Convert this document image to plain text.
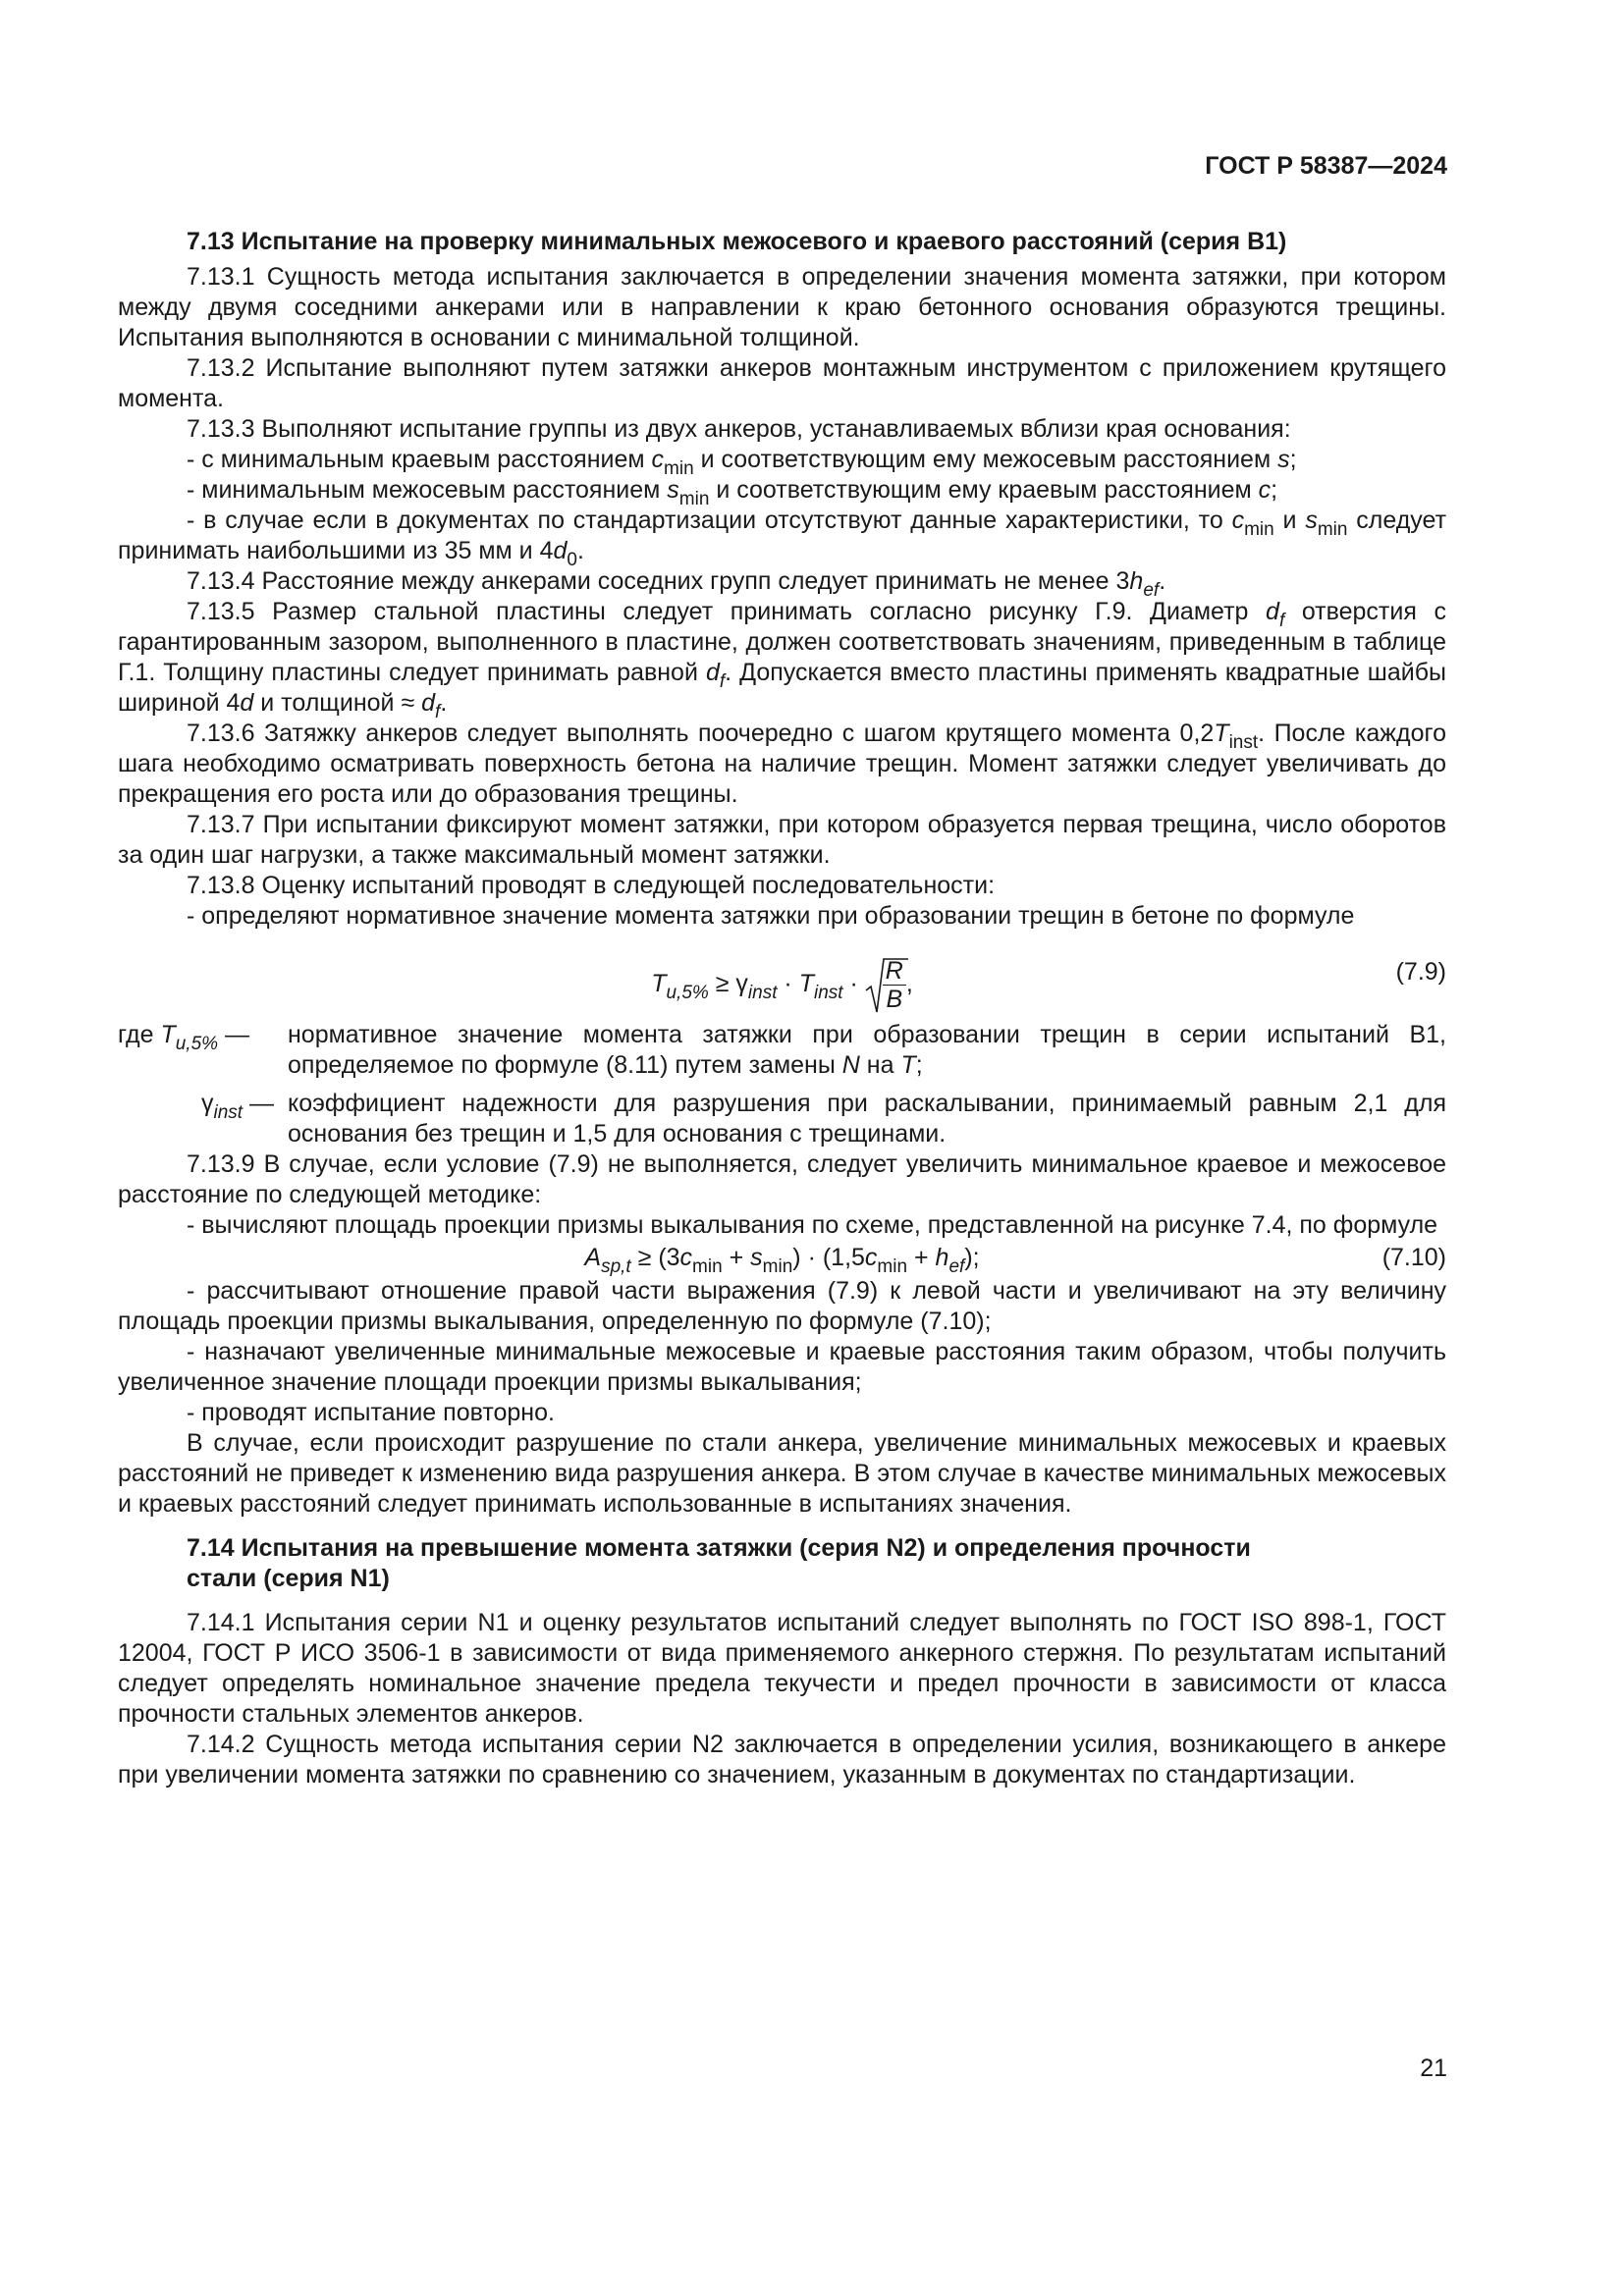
ГОСТ Р 58387—2024
7.13 Испытание на проверку минимальных межосевого и краевого расстояний (серия В1)

7.13.1 Сущность метода испытания заключается в определении значения момента затяжки, при котором между двумя соседними анкерами или в направлении к краю бетонного основания образуются трещины. Испытания выполняются в основании с минимальной толщиной.

7.13.2 Испытание выполняют путем затяжки анкеров монтажным инструментом с приложением крутящего момента.

7.13.3 Выполняют испытание группы из двух анкеров, устанавливаемых вблизи края основания:

- с минимальным краевым расстоянием $c_{min}$ и соответствующим ему межосевым расстоянием s;

- минимальным межосевым расстоянием $s_{min}$ и соответствующим ему краевым расстоянием c;

- в случае если в документах по стандартизации отсутствуют данные характеристики, то $c_{min}$ и $s_{min}$ следует принимать наибольшими из 35 мм и $4d_0$.

7.13.4 Расстояние между анкерами соседних групп следует принимать не менее $3h_{ef}$.

7.13.5 Размер стальной пластины следует принимать согласно рисунку Г.9. Диаметр $d_f$ отверстия с гарантированным зазором, выполненного в пластине, должен соответствовать значениям, приведенным в таблице Г.1. Толщину пластины следует принимать равной $d_f$. Допускается вместо пластины применять квадратные шайбы шириной 4d и толщиной ≈ $d_f$.

7.13.6 Затяжку анкеров следует выполнять поочередно с шагом крутящего момента $0,2T_{inst}$. После каждого шага необходимо осматривать поверхность бетона на наличие трещин. Момент затяжки следует увеличивать до прекращения его роста или до образования трещины.

7.13.7 При испытании фиксируют момент затяжки, при котором образуется первая трещина, число оборотов за один шаг нагрузки, а также максимальный момент затяжки.

7.13.8 Оценку испытаний проводят в следующей последовательности:

- определяют нормативное значение момента затяжки при образовании трещин в бетоне по формуле

$T_{u,5\%} \ge \gamma_{inst} \cdot T_{inst} \cdot \frac{R}{B}$ ,	(7.9)
где $T_{u,5\%}$ —	нормативное значение момента затяжки при образовании трещин в серии испытаний В1, определяемое по формуле (8.11) путем замены N на T;
$\gamma_{inst}$ — коэффициент надежности для разрушения при раскалывании, принимаемый равным 2,1 для основания без трещин и 1,5 для основания с трещинами.

7.13.9 В случае, если условие (7.9) не выполняется, следует увеличить минимальное краевое и межосевое расстояние по следующей методике:

- вычисляют площадь проекции призмы выкалывания по схеме, представленной на рисунке 7.4, по формуле

$A_{sp,t} \ge (3c_{min} + s_{min}) \cdot (1,5c_{min} + h_{ef})$;	(7.10)

- рассчитывают отношение правой части выражения (7.9) к левой части и увеличивают на эту величину площадь проекции призмы выкалывания, определенную по формуле (7.10);

- назначают увеличенные минимальные межосевые и краевые расстояния таким образом, чтобы получить увеличенное значение площади проекции призмы выкалывания;

- проводят испытание повторно.

В случае, если происходит разрушение по стали анкера, увеличение минимальных межосевых и краевых расстояний не приведет к изменению вида разрушения анкера. В этом случае в качестве минимальных межосевых и краевых расстояний следует принимать использованные в испытаниях значения.

7.14 Испытания на превышение момента затяжки (серия N2) и определения прочности
стали (серия N1)

7.14.1 Испытания серии N1 и оценку результатов испытаний следует выполнять по ГОСТ ISO 898-1, ГОСТ 12004, ГОСТ Р ИСО 3506-1 в зависимости от вида применяемого анкерного стержня. По результатам испытаний следует определять номинальное значение предела текучести и предел прочности в зависимости от класса прочности стальных элементов анкеров.

7.14.2 Сущность метода испытания серии N2 заключается в определении усилия, возникающего в анкере при увеличении момента затяжки по сравнению со значением, указанным в документах по стандартизации.

21
